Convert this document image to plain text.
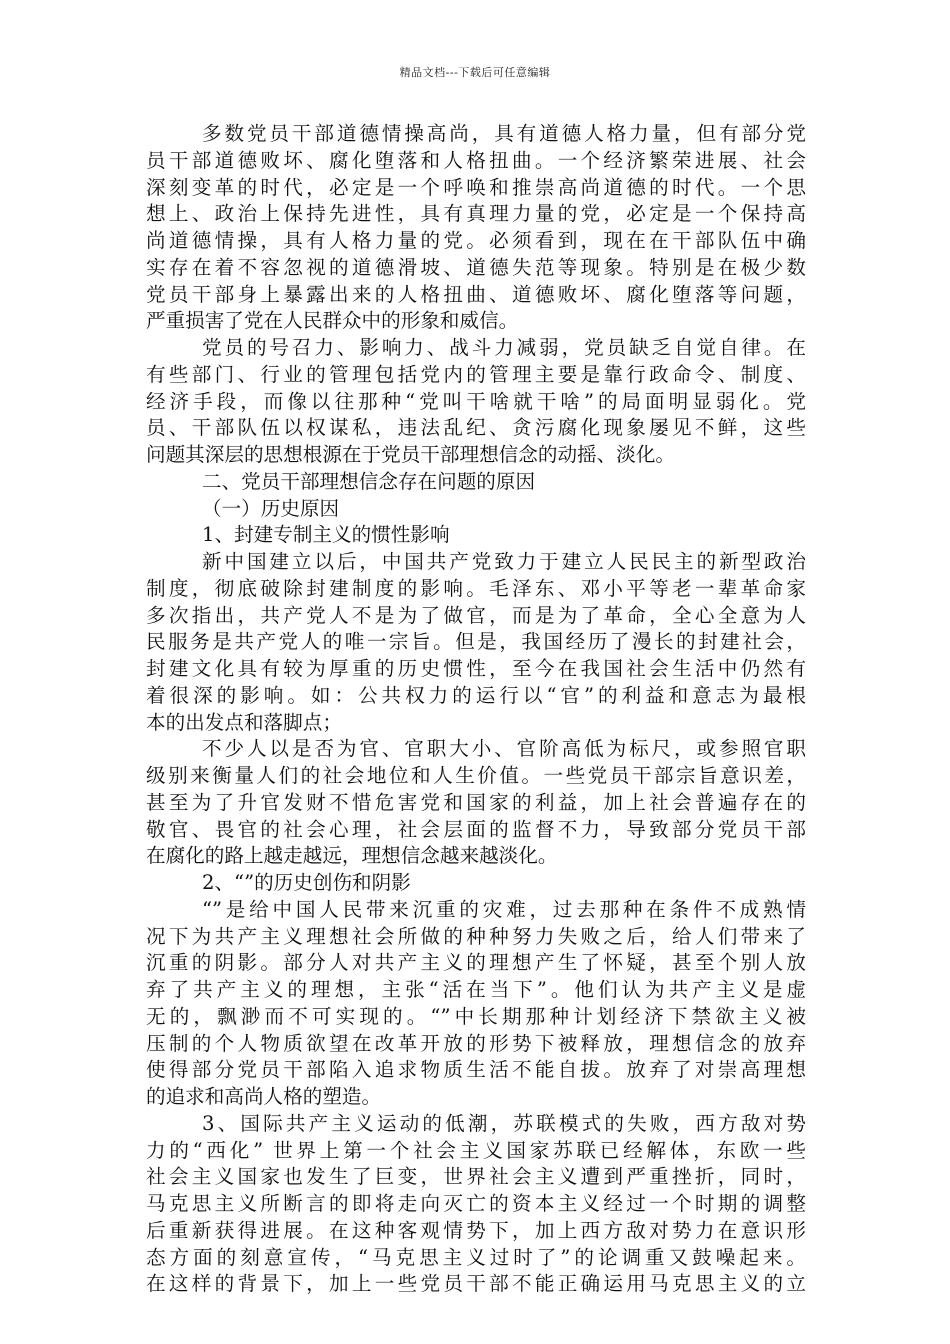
精品文档---下载后可任意编辑
多数党员干部道德情操高尚，具有道德人格力量，但有部分党
员干部道德败坏、腐化堕落和人格扭曲。一个经济繁荣进展、社会
深刻变革的时代，必定是一个呼唤和推崇高尚道德的时代。一个思
想上、政治上保持先进性，具有真理力量的党，必定是一个保持高
尚道德情操，具有人格力量的党。必须看到，现在在干部队伍中确
实存在着不容忽视的道德滑坡、道德失范等现象。特别是在极少数
党员干部身上暴露出来的人格扭曲、道德败坏、腐化堕落等问题，
严重损害了党在人民群众中的形象和威信。
党员的号召力、影响力、战斗力减弱，党员缺乏自觉自律。在
有些部门、行业的管理包括党内的管理主要是靠行政命令、制度、
经济手段，而像以往那种“党叫干啥就干啥”的局面明显弱化。党
员、干部队伍以权谋私，违法乱纪、贪污腐化现象屡见不鲜，这些
问题其深层的思想根源在于党员干部理想信念的动摇、淡化。
二、党员干部理想信念存在问题的原因
（一）历史原因
1、封建专制主义的惯性影响
新中国建立以后，中国共产党致力于建立人民民主的新型政治
制度，彻底破除封建制度的影响。毛泽东、邓小平等老一辈革命家
多次指出，共产党人不是为了做官，而是为了革命，全心全意为人
民服务是共产党人的唯一宗旨。但是，我国经历了漫长的封建社会，
封建文化具有较为厚重的历史惯性，至今在我国社会生活中仍然有
着很深的影响。如：公共权力的运行以“官”的利益和意志为最根
本的出发点和落脚点；
不少人以是否为官、官职大小、官阶高低为标尺，或参照官职
级别来衡量人们的社会地位和人生价值。一些党员干部宗旨意识差，
甚至为了升官发财不惜危害党和国家的利益，加上社会普遍存在的
敬官、畏官的社会心理，社会层面的监督不力，导致部分党员干部
在腐化的路上越走越远，理想信念越来越淡化。
2、“”的历史创伤和阴影
“”是给中国人民带来沉重的灾难，过去那种在条件不成熟情
况下为共产主义理想社会所做的种种努力失败之后，给人们带来了
沉重的阴影。部分人对共产主义的理想产生了怀疑，甚至个别人放
弃了共产主义的理想，主张“活在当下”。他们认为共产主义是虚
无的，飘渺而不可实现的。“”中长期那种计划经济下禁欲主义被
压制的个人物质欲望在改革开放的形势下被释放，理想信念的放弃
使得部分党员干部陷入追求物质生活不能自拔。放弃了对崇高理想
的追求和高尚人格的塑造。
3、国际共产主义运动的低潮，苏联模式的失败，西方敌对势
力的“西化” 世界上第一个社会主义国家苏联已经解体，东欧一些
社会主义国家也发生了巨变，世界社会主义遭到严重挫折，同时，
马克思主义所断言的即将走向灭亡的资本主义经过一个时期的调整
后重新获得进展。在这种客观情势下，加上西方敌对势力在意识形
态方面的刻意宣传，“马克思主义过时了”的论调重又鼓噪起来。
在这样的背景下，加上一些党员干部不能正确运用马克思主义的立
